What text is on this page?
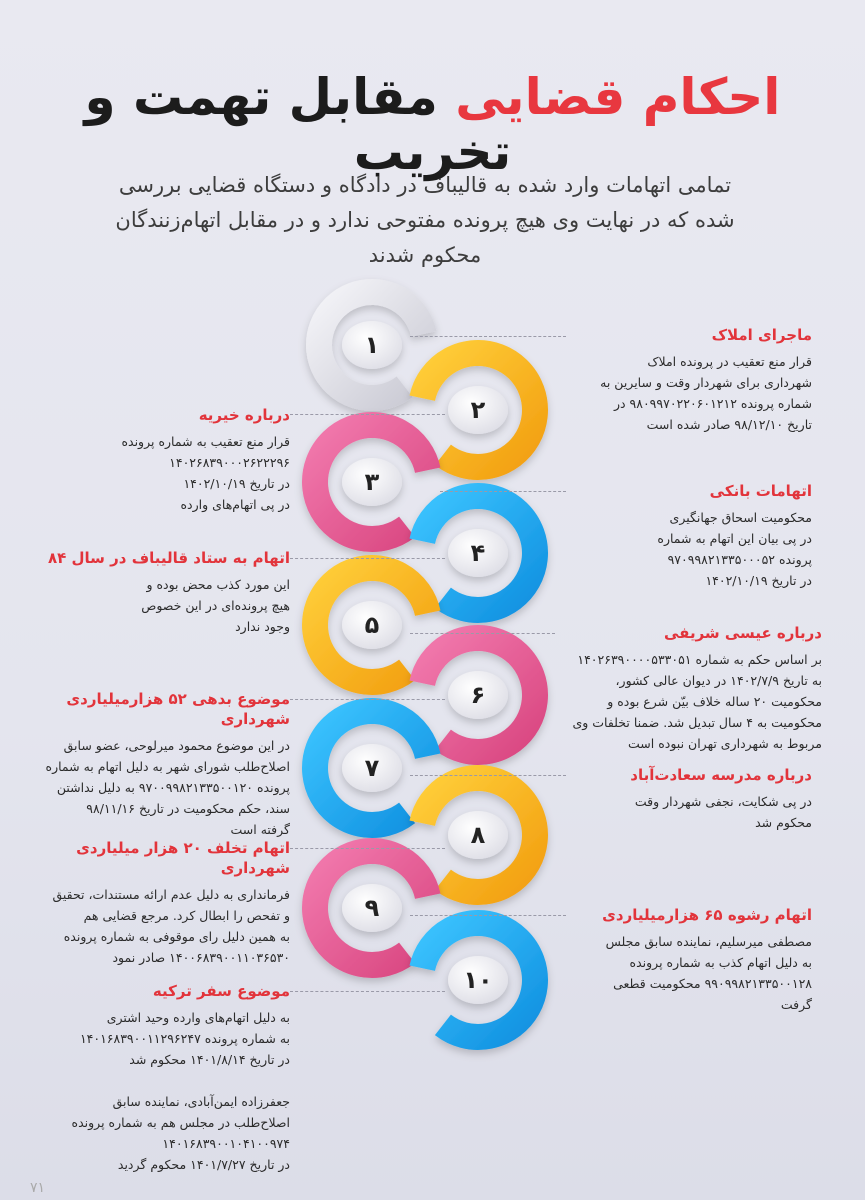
احکام قضایی مقابل تهمت و تخریب
تمامی اتهامات وارد شده به قالیباف در دادگاه و دستگاه قضایی بررسی شده که در نهایت وی هیچ پرونده مفتوحی ندارد و در مقابل اتهام‌زنندگان محکوم شدند
۱
۲
۳
۴
۵
۶
۷
۸
۹
۱۰
ماجرای املاک
قرار منع تعقیب در پرونده املاک
شهرداری برای شهردار وقت و سایرین به
شماره پرونده ۹۸۰۹۹۷۰۲۲۰۶۰۱۲۱۲ در
تاریخ ۹۸/۱۲/۱۰ صادر شده است
درباره خیریه
قرار منع تعقیب به شماره پرونده
۱۴۰۲۶۸۳۹۰۰۰۲۶۲۲۲۹۶
در تاریخ ۱۴۰۲/۱۰/۱۹
در پی اتهام‌های وارده
اتهامات بانکی
محکومیت اسحاق جهانگیری
در پی بیان این اتهام به شماره
پرونده ۹۷۰۹۹۸۲۱۳۳۵۰۰۰۵۲
در تاریخ ۱۴۰۲/۱۰/۱۹
اتهام به ستاد قالیباف در سال ۸۴
این مورد کذب محض بوده و
هیچ پرونده‌ای در این خصوص
وجود ندارد	درباره عیسی شریفی
بر اساس حکم به شماره ۱۴۰۲۶۳۹۰۰۰۰۵۳۳۰۵۱
به تاریخ ۱۴۰۲/۷/۹ در دیوان عالی کشور،
محکومیت ۲۰ ساله خلاف بیّن شرع بوده و
محکومیت به ۴ سال تبدیل شد. ضمنا تخلفات وی
مربوط به شهرداری تهران نبوده است
موضوع بدهی ۵۲ هزارمیلیاردی شهرداری
در این موضوع محمود میرلوحی، عضو سابق
اصلاح‌طلب شورای شهر به دلیل اتهام به شماره
پرونده ۹۷۰۰۹۹۸۲۱۳۳۵۰۰۱۲۰ به دلیل نداشتن
سند، حکم محکومیت در تاریخ ۹۸/۱۱/۱۶
گرفته است
درباره مدرسه سعادت‌آباد
در پی شکایت، نجفی شهردار وقت
محکوم شد
اتهام تخلف ۲۰ هزار میلیاردی شهرداری
فرمانداری به دلیل عدم ارائه مستندات، تحقیق
و تفحص را ابطال کرد. مرجع قضایی هم
به همین دلیل رای موقوفی به شماره پرونده
۱۴۰۰۶۸۳۹۰۰۱۱۰۳۶۵۳۰ صادر نمود
اتهام رشوه ۶۵ هزارمیلیاردی
مصطفی میرسلیم، نماینده سابق مجلس
به دلیل اتهام کذب به شماره پرونده
۹۹۰۹۹۸۲۱۳۳۵۰۰۱۲۸ محکومیت قطعی
گرفت
موضوع سفر ترکیه
به دلیل اتهام‌های وارده وحید اشتری
به شماره پرونده ۱۴۰۱۶۸۳۹۰۰۱۱۲۹۶۲۴۷
در تاریخ ۱۴۰۱/۸/۱۴ محکوم شد

جعفرزاده ایمن‌آبادی، نماینده سابق
اصلاح‌طلب در مجلس هم به شماره پرونده
۱۴۰۱۶۸۳۹۰۰۱۰۴۱۰۰۹۷۴
در تاریخ ۱۴۰۱/۷/۲۷ محکوم گردید
۷۱
